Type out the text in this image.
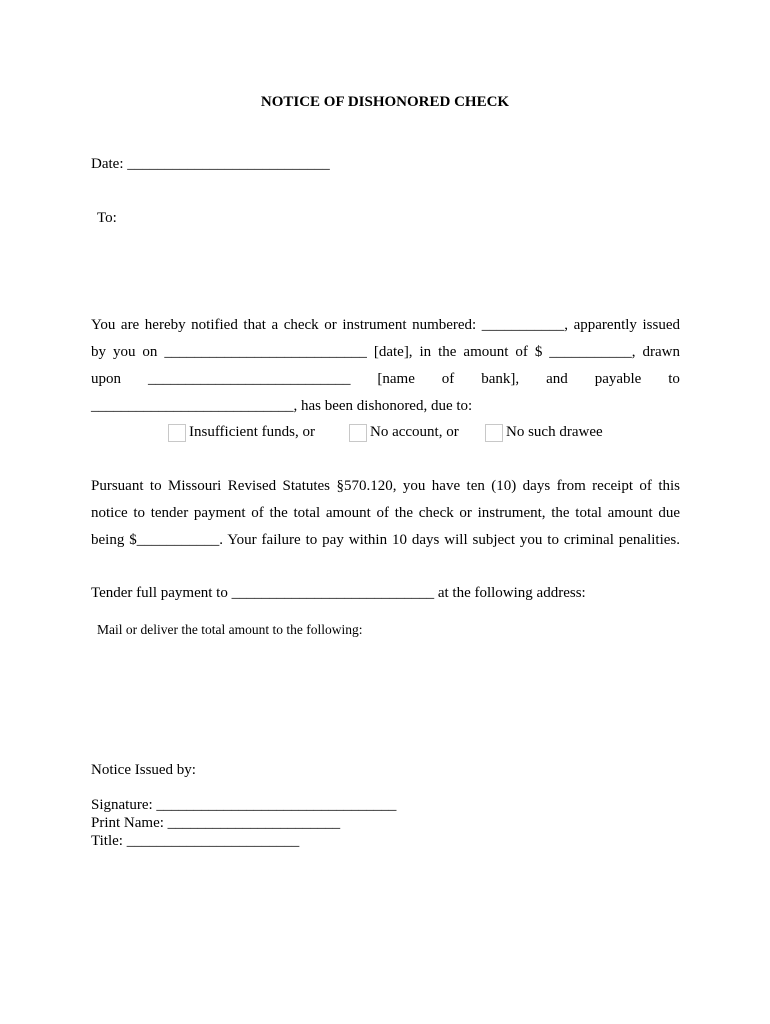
NOTICE OF DISHONORED CHECK
Date: ___________________________
To:
You are hereby notified that a check or instrument numbered: ___________, apparently issued
by you on ___________________________ [date], in the amount of $ ___________, drawn
upon ___________________________ [name of bank], and payable to
___________________________, has been dishonored, due to:
Insufficient funds, or	No account, or	No such drawee
Pursuant to Missouri Revised Statutes §570.120, you have ten (10) days from receipt of this
notice to tender payment of the total amount of the check or instrument, the total amount due
being $___________. Your failure to pay within 10 days will subject you to criminal penalities.
Tender full payment to ___________________________ at the following address:
Mail or deliver the total amount to the following:
Notice Issued by:
Signature: ________________________________
Print Name: _______________________
Title: _______________________
